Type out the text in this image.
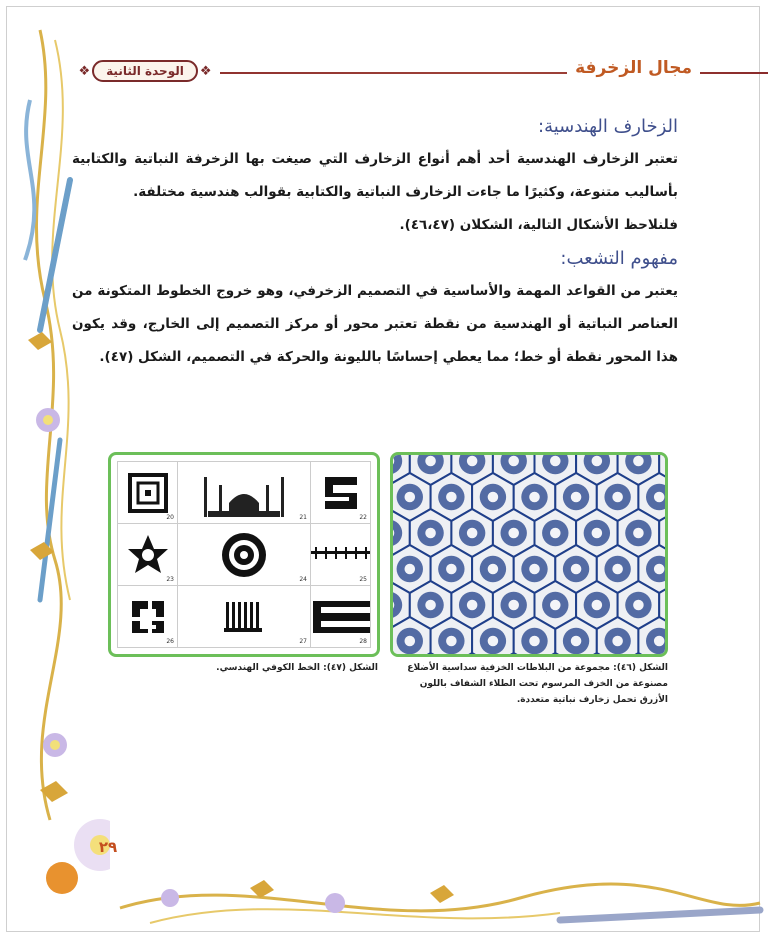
مجال الزخرفة
❖	الوحدة الثانية	❖
الزخارف الهندسية:

تعتبر الزخارف الهندسية أحد أهم أنواع الزخارف التي صيغت بها الزخرفة النباتية والكتابية بأساليب متنوعة، وكثيرًا ما جاءت الزخارف النباتية والكتابية بقوالب هندسية مختلفة.

فلنلاحظ الأشكال التالية، الشكلان (٤٦،٤٧).

مفهوم التشعب:

يعتبر من القواعد المهمة والأساسية في التصميم الزخرفي، وهو خروج الخطوط المتكونة من العناصر النباتية أو الهندسية من نقطة تعتبر محور أو مركز التصميم إلى الخارج، وقد يكون هذا المحور نقطة أو خط؛ مما يعطي إحساسًا بالليونة والحركة في التصميم، الشكل (٤٧).

20	21	22
23	24	25
26	27	28
الشكل (٤٦): مجموعة من البلاطات الخزفية سداسية الأضلاع
مصنوعة من الخزف المرسوم تحت الطلاء الشفاف باللون
الأزرق تحمل زخارف نباتية متعددة.
الشكل (٤٧): الخط الكوفي الهندسي.
٢٩
